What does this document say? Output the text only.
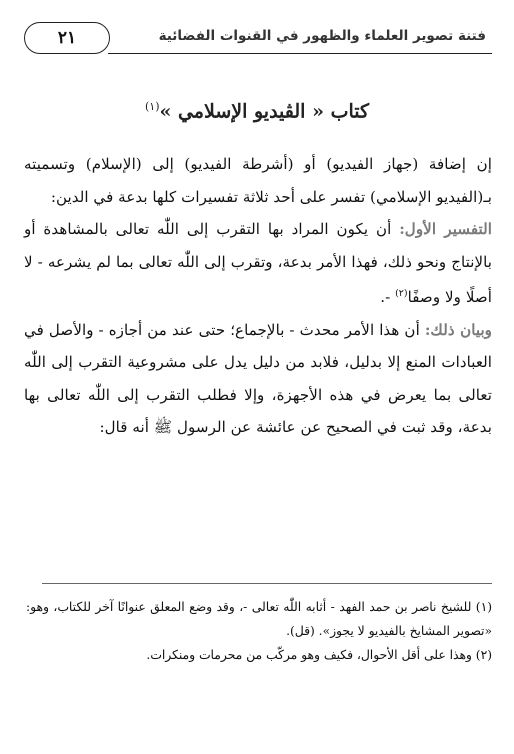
فتنة تصوير العلماء والظهور في القنوات الفضائية
٢١
كتاب « الڤيديو الإسلامي »$^{(١)}$

إن إضافة (جهاز الفيديو) أو (أشرطة الفيديو) إلى (الإسلام) وتسميته بـ(الفيديو الإسلامي) تفسر على أحد ثلاثة تفسيرات كلها بدعة في الدين:

التفسير الأول: أن يكون المراد بها التقرب إلى اللّٰه تعالى بالمشاهدة أو بالإنتاج ونحو ذلك، فهذا الأمر بدعة، وتقرب إلى اللّٰه تعالى بما لم يشرعه - لا أصلًا ولا وصفًا$^{(٢)}$ -.

وبيان ذلك: أن هذا الأمر محدث - بالإجماع؛ حتى عند من أجازه - والأصل في العبادات المنع إلا بدليل، فلابد من دليل يدل على مشروعية التقرب إلى اللّٰه تعالى بما يعرض في هذه الأجهزة، وإلا فطلب التقرب إلى اللّٰه تعالى بها بدعة، وقد ثبت في الصحيح عن عائشة عن الرسول ﷺ أنه قال:

(١) للشيخ ناصر بن حمد الفهد - أثابه اللّٰه تعالى -، وقد وضع المعلق عنوانًا آخر للكتاب، وهو: «تصوير المشايخ بالفيديو لا يجوز». (قل).

(٢) وهذا على أقل الأحوال، فكيف وهو مركّب من محرمات ومنكرات.
